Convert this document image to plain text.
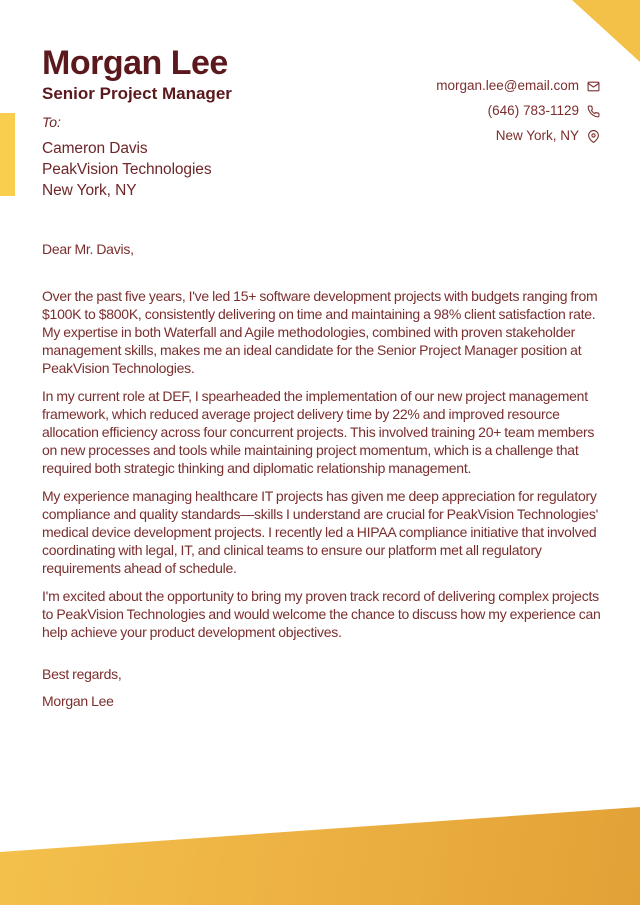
Morgan Lee
Senior Project Manager	morgan.lee@email.com
(646) 783-1129
New York, NY
To:
Cameron Davis
PeakVision Technologies
New York, NY

Dear Mr. Davis,

Over the past five years, I've led 15+ software development projects with budgets ranging from $100K to $800K, consistently delivering on time and maintaining a 98% client satisfaction rate. My expertise in both Waterfall and Agile methodologies, combined with proven stakeholder management skills, makes me an ideal candidate for the Senior Project Manager position at PeakVision Technologies.

In my current role at DEF, I spearheaded the implementation of our new project management framework, which reduced average project delivery time by 22% and improved resource allocation efficiency across four concurrent projects. This involved training 20+ team members on new processes and tools while maintaining project momentum, which is a challenge that required both strategic thinking and diplomatic relationship management.

My experience managing healthcare IT projects has given me deep appreciation for regulatory compliance and quality standards—skills I understand are crucial for PeakVision Technologies' medical device development projects. I recently led a HIPAA compliance initiative that involved coordinating with legal, IT, and clinical teams to ensure our platform met all regulatory requirements ahead of schedule.

I'm excited about the opportunity to bring my proven track record of delivering complex projects to PeakVision Technologies and would welcome the chance to discuss how my experience can help achieve your product development objectives.

Best regards,

Morgan Lee
